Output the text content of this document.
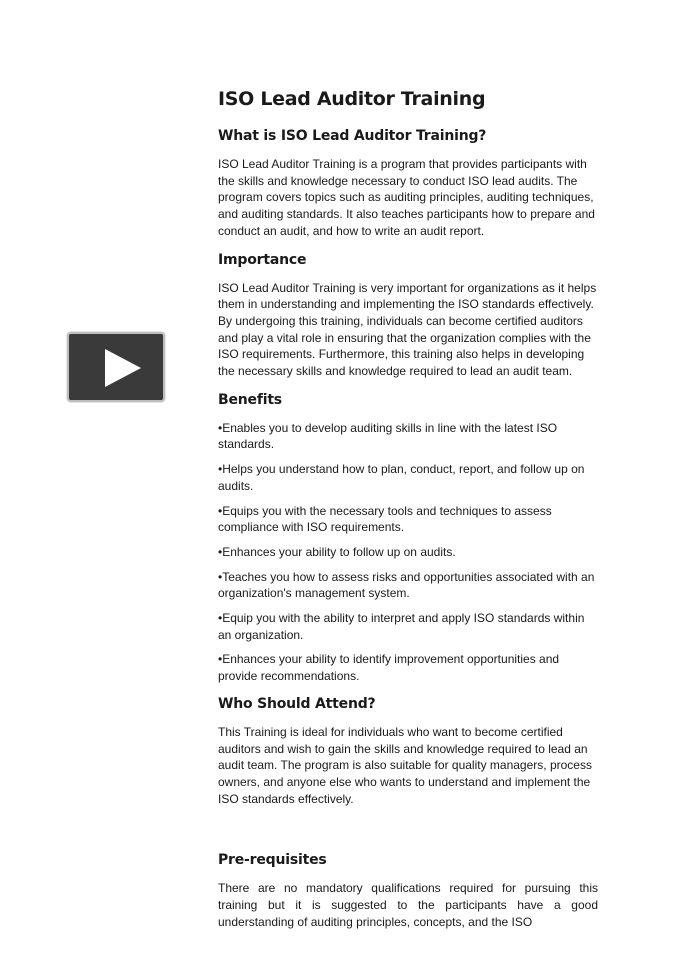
ISO Lead Auditor Training
What is ISO Lead Auditor Training?

ISO Lead Auditor Training is a program that provides participants with the skills and knowledge necessary to conduct ISO lead audits. The program covers topics such as auditing principles, auditing techniques, and auditing standards. It also teaches participants how to prepare and conduct an audit, and how to write an audit report.

Importance

ISO Lead Auditor Training is very important for organizations as it helps them in understanding and implementing the ISO standards effectively. By undergoing this training, individuals can become certified auditors and play a vital role in ensuring that the organization complies with the ISO requirements. Furthermore, this training also helps in developing the necessary skills and knowledge required to lead an audit team.

Benefits

•Enables you to develop auditing skills in line with the latest ISO standards.

•Helps you understand how to plan, conduct, report, and follow up on audits.

•Equips you with the necessary tools and techniques to assess compliance with ISO requirements.

•Enhances your ability to follow up on audits.

•Teaches you how to assess risks and opportunities associated with an organization's management system.

•Equip you with the ability to interpret and apply ISO standards within an organization.

•Enhances your ability to identify improvement opportunities and provide recommendations.

Who Should Attend?

This Training is ideal for individuals who want to become certified auditors and wish to gain the skills and knowledge required to lead an audit team. The program is also suitable for quality managers, process owners, and anyone else who wants to understand and implement the ISO standards effectively.

Pre-requisites

There are no mandatory qualifications required for pursuing this training but it is suggested to the participants have a good understanding of auditing principles, concepts, and the ISO
